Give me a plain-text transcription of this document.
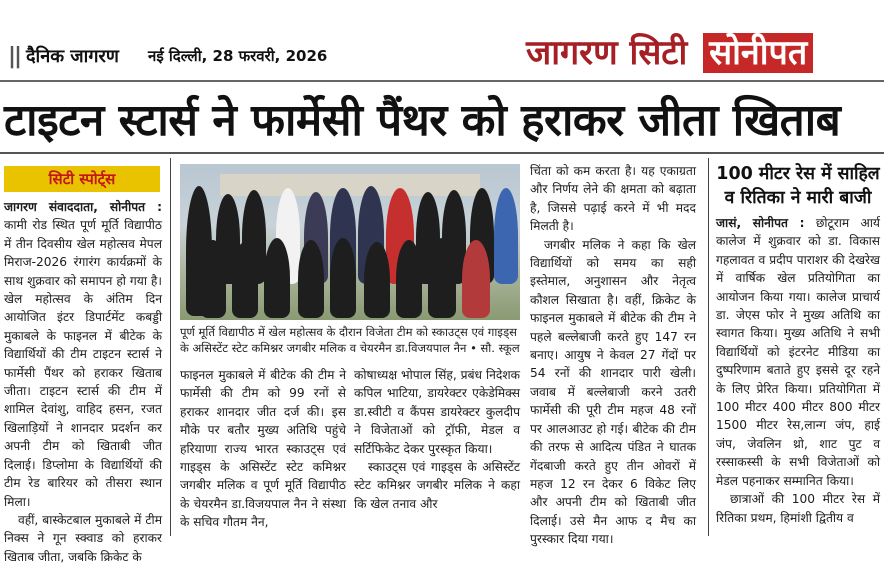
|| दैनिक जागरण नई दिल्ली, 28 फरवरी, 2026	जागरण सिटी सोनीपत
टाइटन स्टार्स ने फार्मेसी पैंथर को हराकर जीता खिताब
सिटी स्पोर्ट्स

जागरण संवाददाता, सोनीपत : कामी रोड स्थित पूर्ण मूर्ति विद्यापीठ में तीन दिवसीय खेल महोत्सव मेपल मिराज-2026 रंगारंग कार्यक्रमों के साथ शुक्रवार को समापन हो गया है। खेल महोत्सव के अंतिम दिन आयोजित इंटर डिपार्टमेंट कबड्डी मुकाबले के फाइनल में बीटेक के विद्यार्थियों की टीम टाइटन स्टार्स ने फार्मेसी पैंथर को हराकर खिताब जीता। टाइटन स्टार्स की टीम में शामिल देवांशु, वाहिद हसन, रजत खिलाड़ियों ने शानदार प्रदर्शन कर अपनी टीम को खिताबी जीत दिलाई। डिप्लोमा के विद्यार्थियों की टीम रेड बारियर को तीसरा स्थान मिला।

वहीं, बास्केटबाल मुकाबले में टीम निक्स ने गून स्क्वाड को हराकर खिताब जीता, जबकि क्रिकेट के

पूर्ण मूर्ति विद्यापीठ में खेल महोत्सव के दौरान विजेता टीम को स्काउट्स एवं गाइड्स के असिस्टेंट स्टेट कमिश्नर जगबीर मलिक व चेयरमैन डा.विजयपाल नैन • सौ. स्कूल

फाइनल मुकाबले में बीटेक की टीम ने फार्मेसी की टीम को 99 रनों से हराकर शानदार जीत दर्ज की। इस मौके पर बतौर मुख्य अतिथि पहुंचे हरियाणा राज्य भारत स्काउट्स एवं गाइड्स के असिस्टेंट स्टेट कमिश्नर जगबीर मलिक व पूर्ण मूर्ति विद्यापीठ के चेयरमैन डा.विजयपाल नैन ने संस्था के सचिव गौतम नैन,

कोषाध्यक्ष भोपाल सिंह, प्रबंध निदेशक कपिल भाटिया, डायरेक्टर एकेडेमिक्स डा.स्वीटी व कैंपस डायरेक्टर कुलदीप ने विजेताओं को ट्रॉफी, मेडल व सर्टिफिकेट देकर पुरस्कृत किया।

स्काउट्स एवं गाइड्स के असिस्टेंट स्टेट कमिश्नर जगबीर मलिक ने कहा कि खेल तनाव और

चिंता को कम करता है। यह एकाग्रता और निर्णय लेने की क्षमता को बढ़ाता है, जिससे पढ़ाई करने में भी मदद मिलती है।

जगबीर मलिक ने कहा कि खेल विद्यार्थियों को समय का सही इस्तेमाल, अनुशासन और नेतृत्व कौशल सिखाता है। वहीं, क्रिकेट के फाइनल मुकाबले में बीटेक की टीम ने पहले बल्लेबाजी करते हुए 147 रन बनाए। आयुष ने केवल 27 गेंदों पर 54 रनों की शानदार पारी खेली। जवाब में बल्लेबाजी करने उतरी फार्मेसी की पूरी टीम महज 48 रनों पर आलआउट हो गई। बीटेक की टीम की तरफ से आदित्य पंडित ने घातक गेंदबाजी करते हुए तीन ओवरों में महज 12 रन देकर 6 विकेट लिए और अपनी टीम को खिताबी जीत दिलाई। उसे मैन आफ द मैच का पुरस्कार दिया गया।

100 मीटर रेस में साहिल व रितिका ने मारी बाजी

जासं, सोनीपत : छोटूराम आर्य कालेज में शुक्रवार को डा. विकास गहलावत व प्रदीप पाराशर की देखरेख में वार्षिक खेल प्रतियोगिता का आयोजन किया गया। कालेज प्राचार्य डा. जेएस फोर ने मुख्य अतिथि का स्वागत किया। मुख्य अतिथि ने सभी विद्यार्थियों को इंटरनेट मीडिया का दुष्परिणाम बताते हुए इससे दूर रहने के लिए प्रेरित किया। प्रतियोगिता में 100 मीटर 400 मीटर 800 मीटर 1500 मीटर रेस,लान्ग जंप, हाई जंप, जेवलिन थ्रो, शाट पुट व रस्साकस्सी के सभी विजेताओं को मेडल पहनाकर सम्मानित किया।

छात्राओं की 100 मीटर रेस में रितिका प्रथम, हिमांशी द्वितीय व
